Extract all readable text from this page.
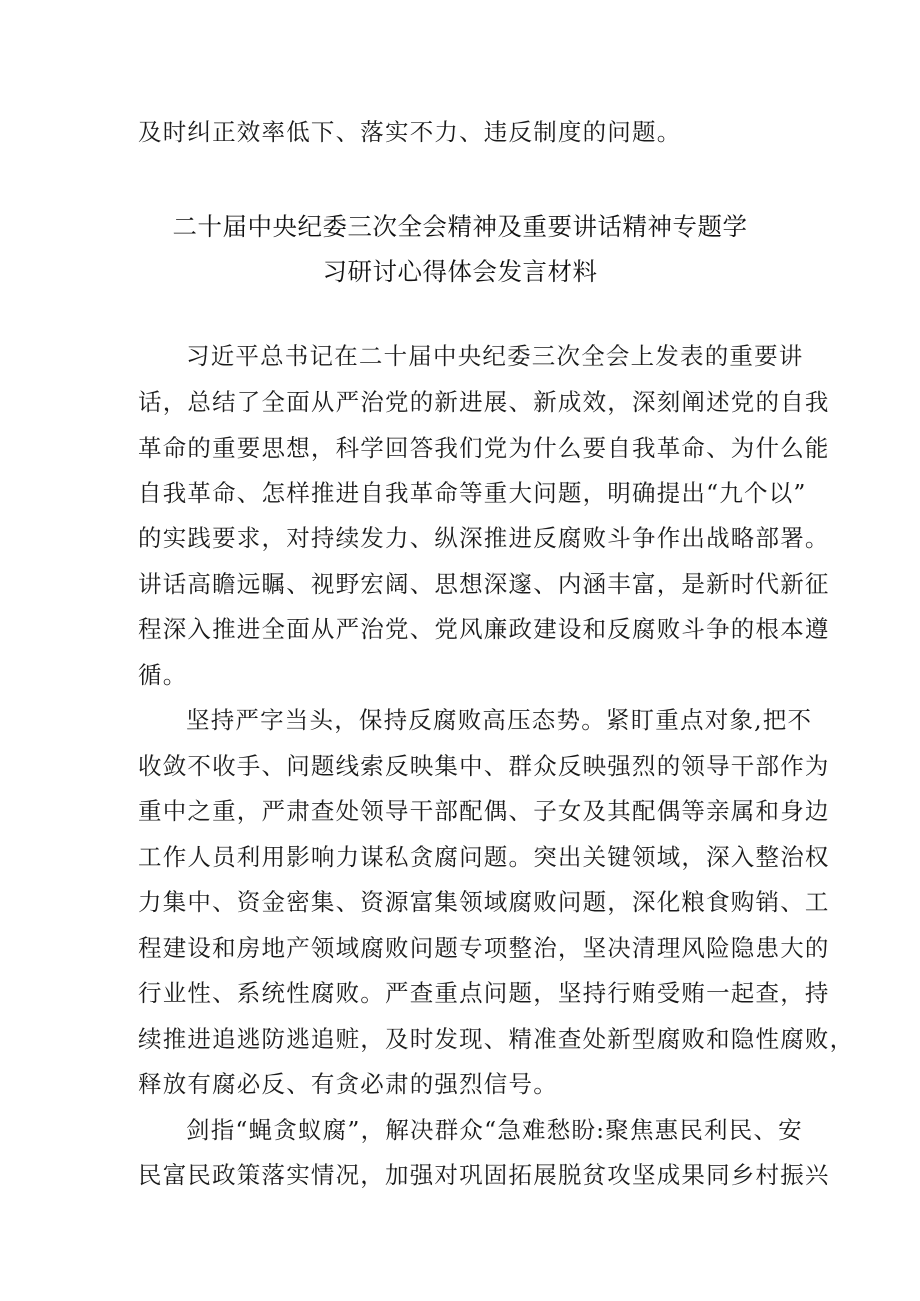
及时纠正效率低下、落实不力、违反制度的问题。
二十届中央纪委三次全会精神及重要讲话精神专题学
习研讨心得体会发言材料
习近平总书记在二十届中央纪委三次全会上发表的重要讲
话，总结了全面从严治党的新进展、新成效，深刻阐述党的自我
革命的重要思想，科学回答我们党为什么要自我革命、为什么能
自我革命、怎样推进自我革命等重大问题，明确提出“九个以”
的实践要求，对持续发力、纵深推进反腐败斗争作出战略部署。
讲话高瞻远瞩、视野宏阔、思想深邃、内涵丰富，是新时代新征
程深入推进全面从严治党、党风廉政建设和反腐败斗争的根本遵
循。
坚持严字当头，保持反腐败高压态势。紧盯重点对象,把不
收敛不收手、问题线索反映集中、群众反映强烈的领导干部作为
重中之重，严肃查处领导干部配偶、子女及其配偶等亲属和身边
工作人员利用影响力谋私贪腐问题。突出关键领域，深入整治权
力集中、资金密集、资源富集领域腐败问题，深化粮食购销、工
程建设和房地产领域腐败问题专项整治，坚决清理风险隐患大的
行业性、系统性腐败。严查重点问题，坚持行贿受贿一起查，持
续推进追逃防逃追赃，及时发现、精准查处新型腐败和隐性腐败，
释放有腐必反、有贪必肃的强烈信号。
剑指“蝇贪蚁腐”，解决群众“急难愁盼:聚焦惠民利民、安
民富民政策落实情况，加强对巩固拓展脱贫攻坚成果同乡村振兴
